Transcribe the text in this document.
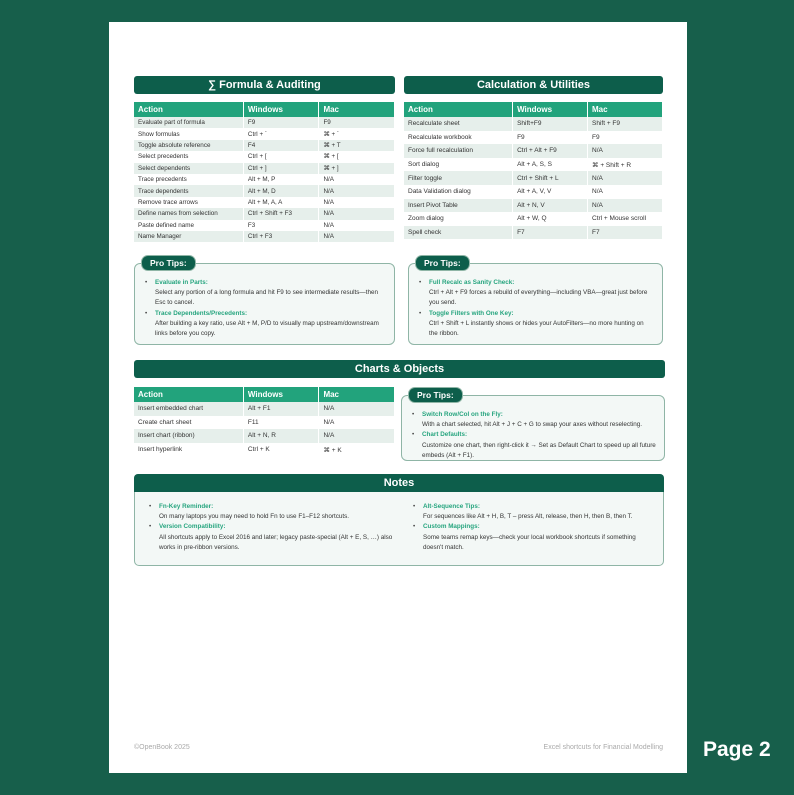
∑ Formula & Auditing
Action	Windows	Mac
Evaluate part of formula	F9	F9
Show formulas	Ctrl + `	⌘ + `
Toggle absolute reference	F4	⌘ + T
Select precedents	Ctrl + [	⌘ + [
Select dependents	Ctrl + ]	⌘ + ]
Trace precedents	Alt + M, P	N/A
Trace dependents	Alt + M, D	N/A
Remove trace arrows	Alt + M, A, A	N/A
Define names from selection	Ctrl + Shift + F3	N/A
Paste defined name	F3	N/A
Name Manager	Ctrl + F3	N/A
Calculation & Utilities
Action	Windows	Mac
Recalculate sheet	Shift+F9	Shift + F9
Recalculate workbook	F9	F9
Force full recalculation	Ctrl + Alt + F9	N/A
Sort dialog	Alt + A, S, S	⌘ + Shift + R
Filter toggle	Ctrl + Shift + L	N/A
Data Validation dialog	Alt + A, V, V	N/A
Insert Pivot Table	Alt + N, V	N/A
Zoom dialog	Alt + W, Q	Ctrl + Mouse scroll
Spell check	F7	F7
Pro Tips:
• Evaluate in Parts:
Select any portion of a long formula and hit F9 to see intermediate results—then Esc to cancel.
• Trace Dependents/Precedents:
After building a key ratio, use Alt + M, P/D to visually map upstream/downstream links before you copy.
Pro Tips:
• Full Recalc as Sanity Check:
Ctrl + Alt + F9 forces a rebuild of everything—including VBA—great just before you send.
• Toggle Filters with One Key:
Ctrl + Shift + L instantly shows or hides your AutoFilters—no more hunting on the ribbon.
Charts & Objects
Action	Windows	Mac
Insert embedded chart	Alt + F1	N/A
Create chart sheet	F11	N/A
Insert chart (ribbon)	Alt + N, R	N/A
Insert hyperlink	Ctrl + K	⌘ + K
Pro Tips:
• Switch Row/Col on the Fly:
With a chart selected, hit Alt + J + C + G to swap your axes without reselecting.
• Chart Defaults:
Customize one chart, then right-click it → Set as Default Chart to speed up all future embeds (Alt + F1).
Notes
• Fn-Key Reminder:
On many laptops you may need to hold Fn to use F1–F12 shortcuts.
• Version Compatibility:
All shortcuts apply to Excel 2016 and later; legacy paste-special (Alt + E, S, …) also works in pre-ribbon versions.
• Alt-Sequence Tips:
For sequences like Alt + H, B, T – press Alt, release, then H, then B, then T.
• Custom Mappings:
Some teams remap keys—check your local workbook shortcuts if something doesn't match.
©OpenBook 2025	Excel shortcuts for Financial Modelling Page 2
